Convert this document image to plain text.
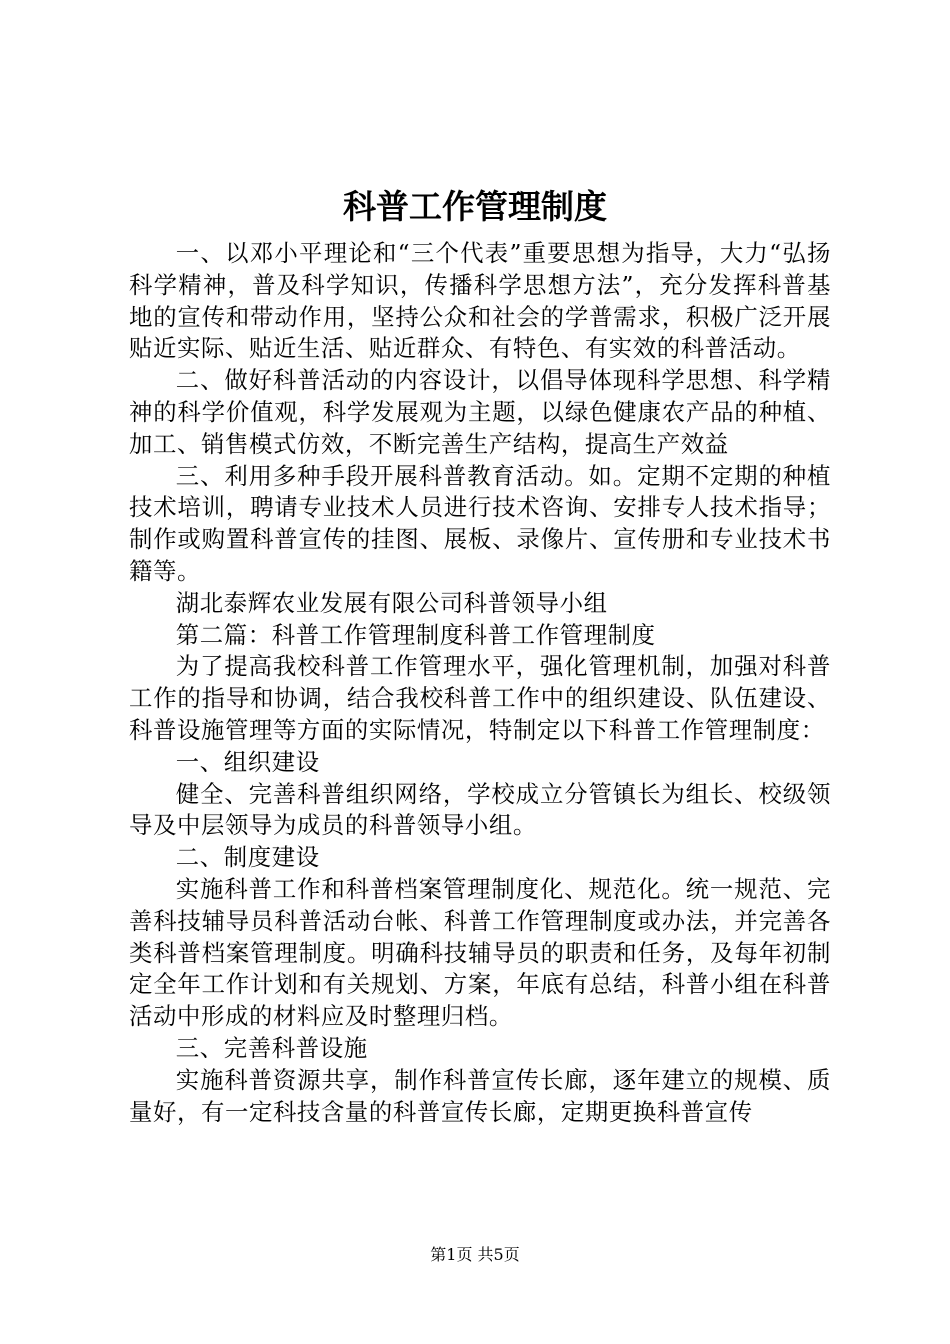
科普工作管理制度

一、以邓小平理论和“三个代表”重要思想为指导，大力“弘扬科学精神，普及科学知识，传播科学思想方法”，充分发挥科普基地的宣传和带动作用，坚持公众和社会的学普需求，积极广泛开展贴近实际、贴近生活、贴近群众、有特色、有实效的科普活动。

二、做好科普活动的内容设计，以倡导体现科学思想、科学精神的科学价值观，科学发展观为主题，以绿色健康农产品的种植、加工、销售模式仿效，不断完善生产结构，提高生产效益

三、利用多种手段开展科普教育活动。如。定期不定期的种植技术培训，聘请专业技术人员进行技术咨询、安排专人技术指导；制作或购置科普宣传的挂图、展板、录像片、宣传册和专业技术书籍等。

湖北泰辉农业发展有限公司科普领导小组

第二篇：科普工作管理制度科普工作管理制度

为了提高我校科普工作管理水平，强化管理机制，加强对科普工作的指导和协调，结合我校科普工作中的组织建设、队伍建设、科普设施管理等方面的实际情况，特制定以下科普工作管理制度：

一、组织建设

健全、完善科普组织网络，学校成立分管镇长为组长、校级领导及中层领导为成员的科普领导小组。

二、制度建设

实施科普工作和科普档案管理制度化、规范化。统一规范、完善科技辅导员科普活动台帐、科普工作管理制度或办法，并完善各类科普档案管理制度。明确科技辅导员的职责和任务，及每年初制定全年工作计划和有关规划、方案，年底有总结，科普小组在科普活动中形成的材料应及时整理归档。

三、完善科普设施

实施科普资源共享，制作科普宣传长廊，逐年建立的规模、质量好，有一定科技含量的科普宣传长廊，定期更换科普宣传

第1页 共5页
